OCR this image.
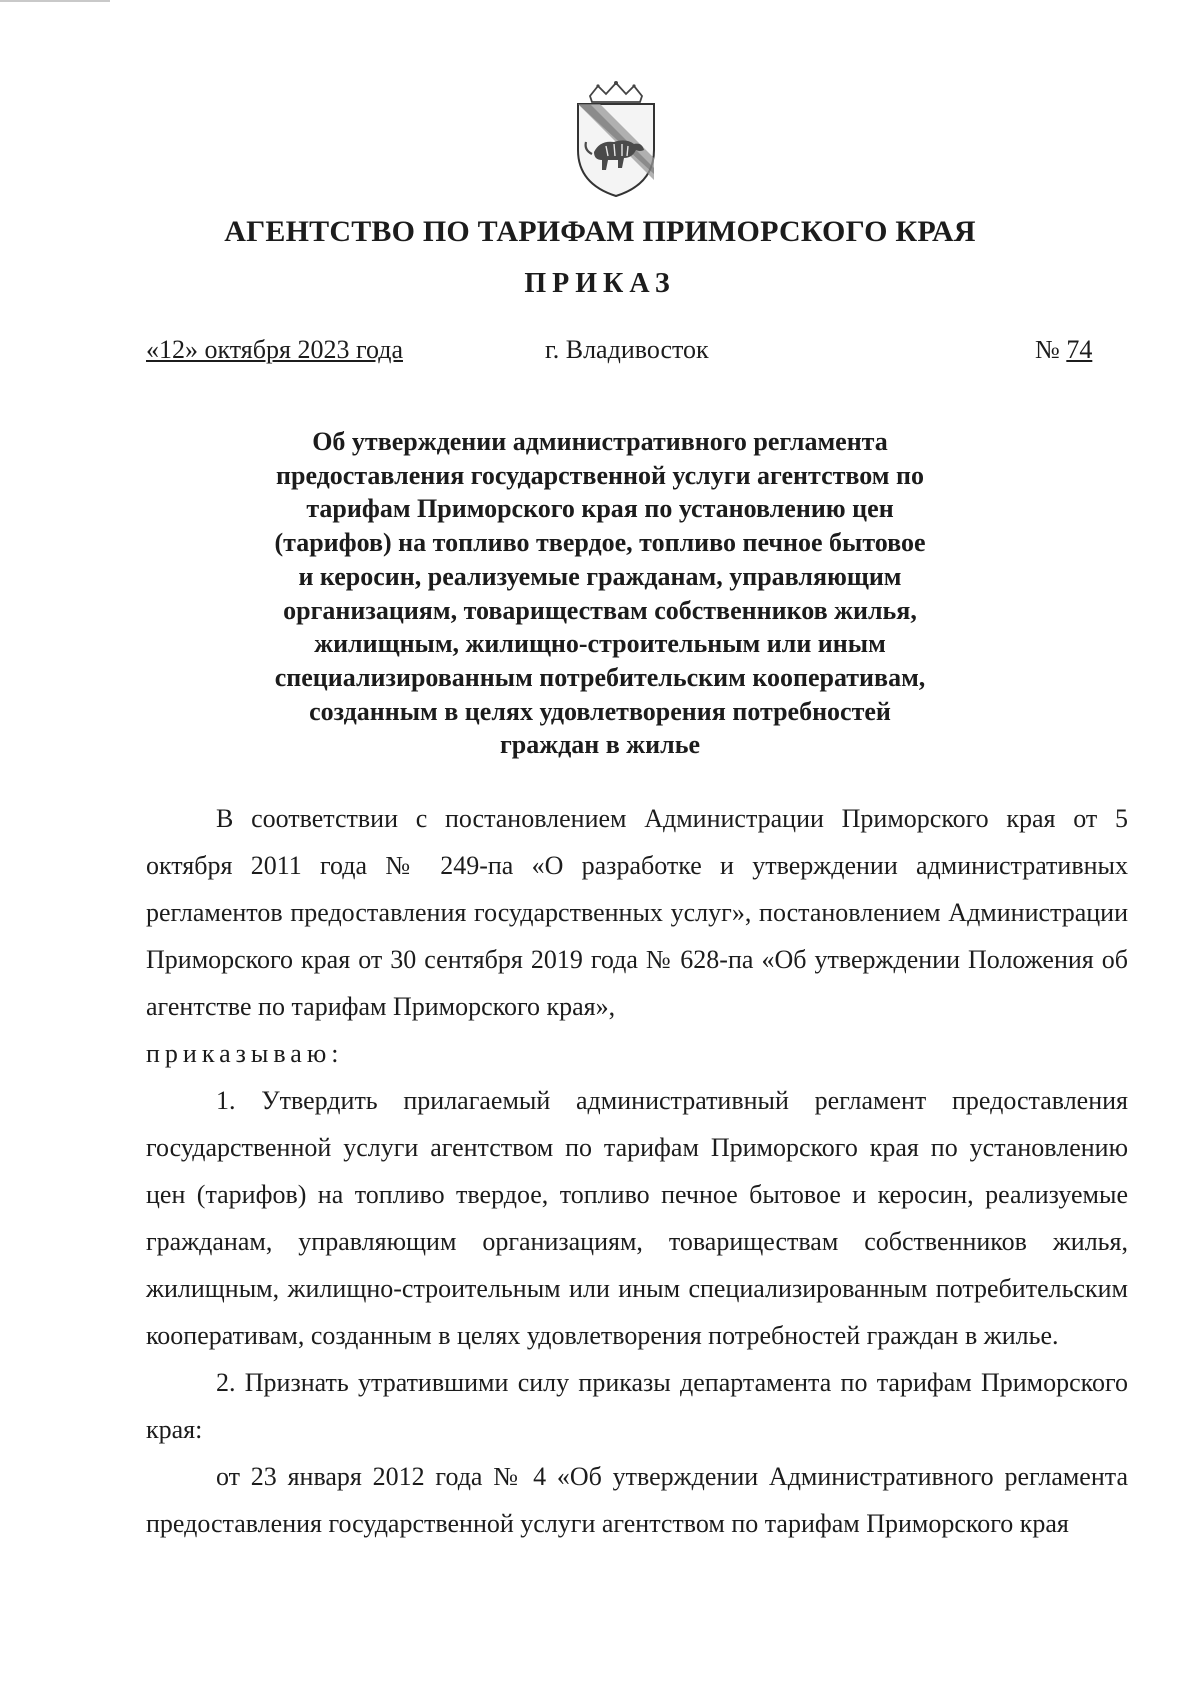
АГЕНТСТВО ПО ТАРИФАМ ПРИМОРСКОГО КРАЯ
ПРИКАЗ
«12» октября 2023 года	г. Владивосток	№ 74
Об утверждении административного регламента
предоставления государственной услуги агентством по
тарифам Приморского края по установлению цен
(тарифов) на топливо твердое, топливо печное бытовое
и керосин, реализуемые гражданам, управляющим
организациям, товариществам собственников жилья,
жилищным, жилищно-строительным или иным
специализированным потребительским кооперативам,
созданным в целях удовлетворения потребностей
граждан в жилье

В соответствии с постановлением Администрации Приморского края от 5 октября 2011 года № 249-па «О разработке и утверждении административных регламентов предоставления государственных услуг», постановлением Администрации Приморского края от 30 сентября 2019 года № 628-па «Об утверждении Положения об агентстве по тарифам Приморского края»,

приказываю:

1. Утвердить прилагаемый административный регламент предоставления государственной услуги агентством по тарифам Приморского края по установлению цен (тарифов) на топливо твердое, топливо печное бытовое и керосин, реализуемые гражданам, управляющим организациям, товариществам собственников жилья, жилищным, жилищно-строительным или иным специализированным потребительским кооперативам, созданным в целях удовлетворения потребностей граждан в жилье.

2. Признать утратившими силу приказы департамента по тарифам Приморского края:

от 23 января 2012 года № 4 «Об утверждении Административного регламента предоставления государственной услуги агентством по тарифам Приморского края
